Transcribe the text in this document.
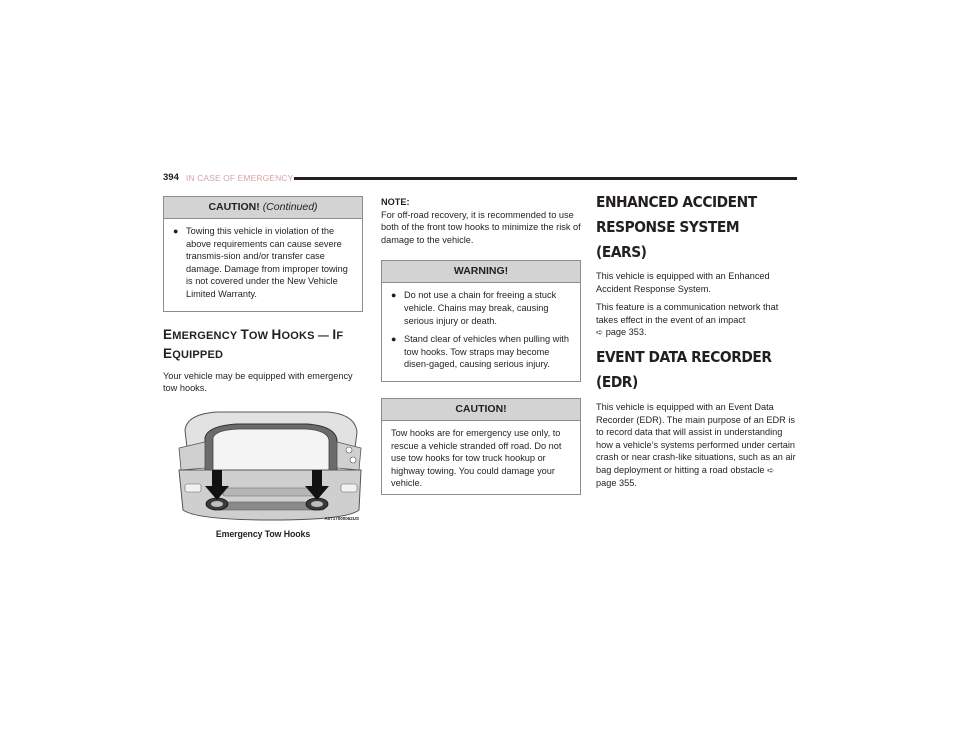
394 IN CASE OF EMERGENCY
CAUTION! (Continued)
● Towing this vehicle in violation of the above requirements can cause severe transmis-sion and/or transfer case damage. Damage from improper towing is not covered under the New Vehicle Limited Warranty.
EMERGENCY TOW HOOKS — IF
EQUIPPED

Your vehicle may be equipped with emergency tow hooks.

A0717000062US
Emergency Tow Hooks
NOTE:

For off-road recovery, it is recommended to use both of the front tow hooks to minimize the risk of damage to the vehicle.

WARNING!
● Do not use a chain for freeing a stuck vehicle. Chains may break, causing serious injury or death.
● Stand clear of vehicles when pulling with tow hooks. Tow straps may become disen-gaged, causing serious injury.
CAUTION!
Tow hooks are for emergency use only, to rescue a vehicle stranded off road. Do not use tow hooks for tow truck hookup or highway towing. You could damage your vehicle.
ENHANCED ACCIDENT RESPONSE SYSTEM (EARS)

This vehicle is equipped with an Enhanced Accident Response System.

This feature is a communication network that takes effect in the event of an impact
➪ page 353.

EVENT DATA RECORDER (EDR)

This vehicle is equipped with an Event Data Recorder (EDR). The main purpose of an EDR is to record data that will assist in understanding how a vehicle’s systems performed under certain crash or near crash-like situations, such as an air bag deployment or hitting a road obstacle ➪ page 355.
